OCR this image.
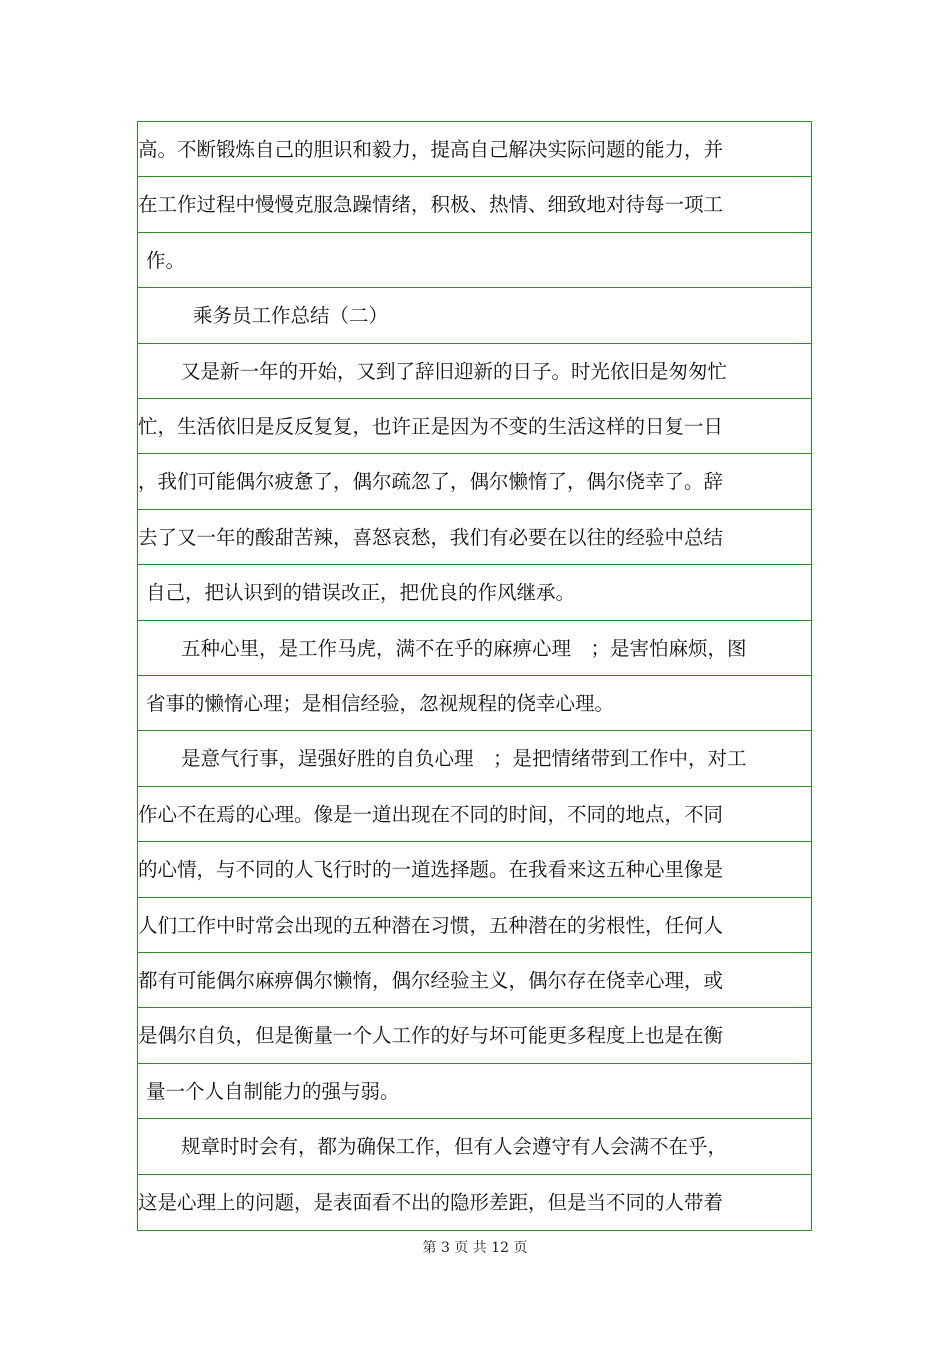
高。不断锻炼自己的胆识和毅力，提高自己解决实际问题的能力，并
在工作过程中慢慢克服急躁情绪，积极、热情、细致地对待每一项工
作。
乘务员工作总结（二）
又是新一年的开始，又到了辞旧迎新的日子。时光依旧是匆匆忙
忙，生活依旧是反反复复，也许正是因为不变的生活这样的日复一日
，我们可能偶尔疲惫了，偶尔疏忽了，偶尔懒惰了，偶尔侥幸了。辞
去了又一年的酸甜苦辣，喜怒哀愁，我们有必要在以往的经验中总结
自己，把认识到的错误改正，把优良的作风继承。
五种心里，是工作马虎，满不在乎的麻痹心理　；是害怕麻烦，图
省事的懒惰心理；是相信经验，忽视规程的侥幸心理。
是意气行事，逞强好胜的自负心理　；是把情绪带到工作中，对工
作心不在焉的心理。像是一道出现在不同的时间，不同的地点，不同
的心情，与不同的人飞行时的一道选择题。在我看来这五种心里像是
人们工作中时常会出现的五种潜在习惯，五种潜在的劣根性，任何人
都有可能偶尔麻痹偶尔懒惰，偶尔经验主义，偶尔存在侥幸心理，或
是偶尔自负，但是衡量一个人工作的好与坏可能更多程度上也是在衡
量一个人自制能力的强与弱。
规章时时会有，都为确保工作，但有人会遵守有人会满不在乎，
这是心理上的问题，是表面看不出的隐形差距，但是当不同的人带着
第 3 页 共 12 页
